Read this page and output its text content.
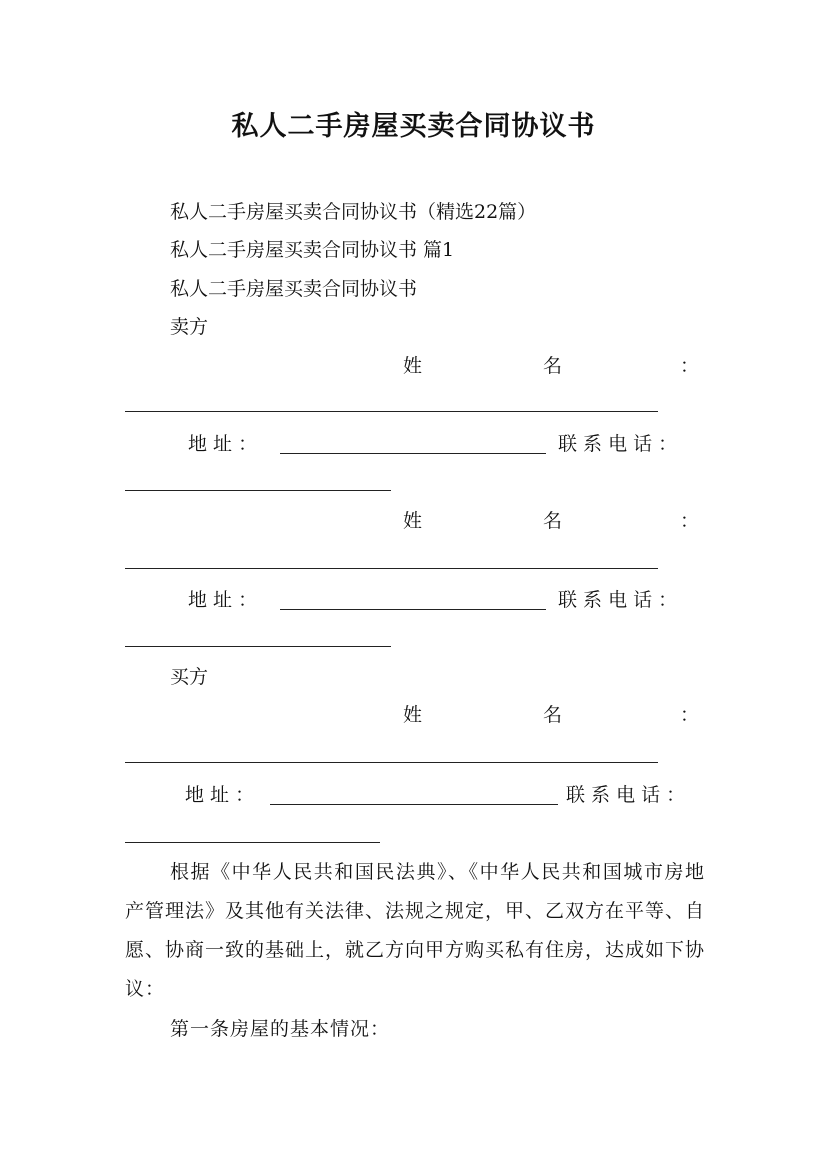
私人二手房屋买卖合同协议书
私人二手房屋买卖合同协议书（精选22篇）
私人二手房屋买卖合同协议书 篇1
私人二手房屋买卖合同协议书
卖方
姓	名	：
地 址 ：	联 系 电 话 ：
姓	名	：
地 址 ：	联 系 电 话 ：
买方
姓	名	：
地 址 ：	联 系 电 话 ：
根据《中华人民共和国民法典》、《中华人民共和国城市房地产管理法》及其他有关法律、法规之规定，甲、乙双方在平等、自愿、协商一致的基础上，就乙方向甲方购买私有住房，达成如下协议：
第一条房屋的基本情况：
